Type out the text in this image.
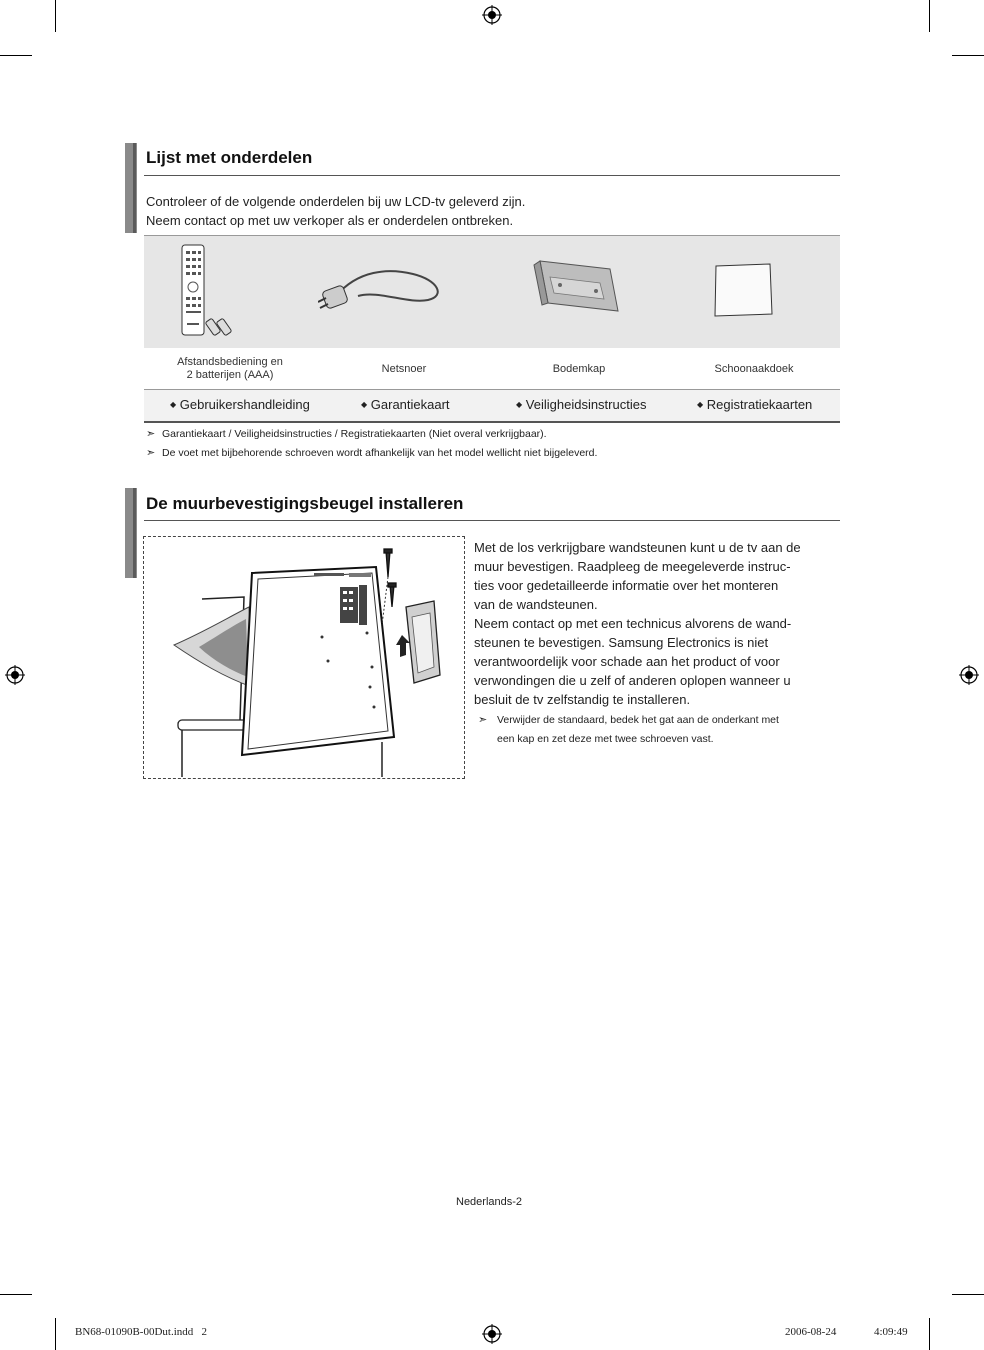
Lijst met onderdelen
Controleer of de volgende onderdelen bij uw LCD-tv geleverd zijn.
Neem contact op met uw verkoper als er onderdelen ontbreken.
Afstandsbediening en
2 batterijen (AAA)	Netsnoer	Bodemkap	Schoonaakdoek
◆ Gebruikershandleiding	◆ Garantiekaart	◆ Veiligheidsinstructies	◆ Registratiekaarten
➣ Garantiekaart / Veiligheidsinstructies / Registratiekaarten (Niet overal verkrijgbaar).
➣ De voet met bijbehorende schroeven wordt afhankelijk van het model wellicht niet bijgeleverd.
De muurbevestigingsbeugel installeren
Met de los verkrijgbare wandsteunen kunt u de tv aan de
muur bevestigen. Raadpleeg de meegeleverde instruc-
ties voor gedetailleerde informatie over het monteren
van de wandsteunen.
Neem contact op met een technicus alvorens de wand-
steunen te bevestigen. Samsung Electronics is niet
verantwoordelijk voor schade aan het product of voor
verwondingen die u zelf of anderen oplopen wanneer u
besluit de tv zelfstandig te installeren.
➣ Verwijder de standaard, bedek het gat aan de onderkant met
een kap en zet deze met twee schroeven vast.
Nederlands-2
BN68-01090B-00Dut.indd   2	2006-08-24	4:09:49
